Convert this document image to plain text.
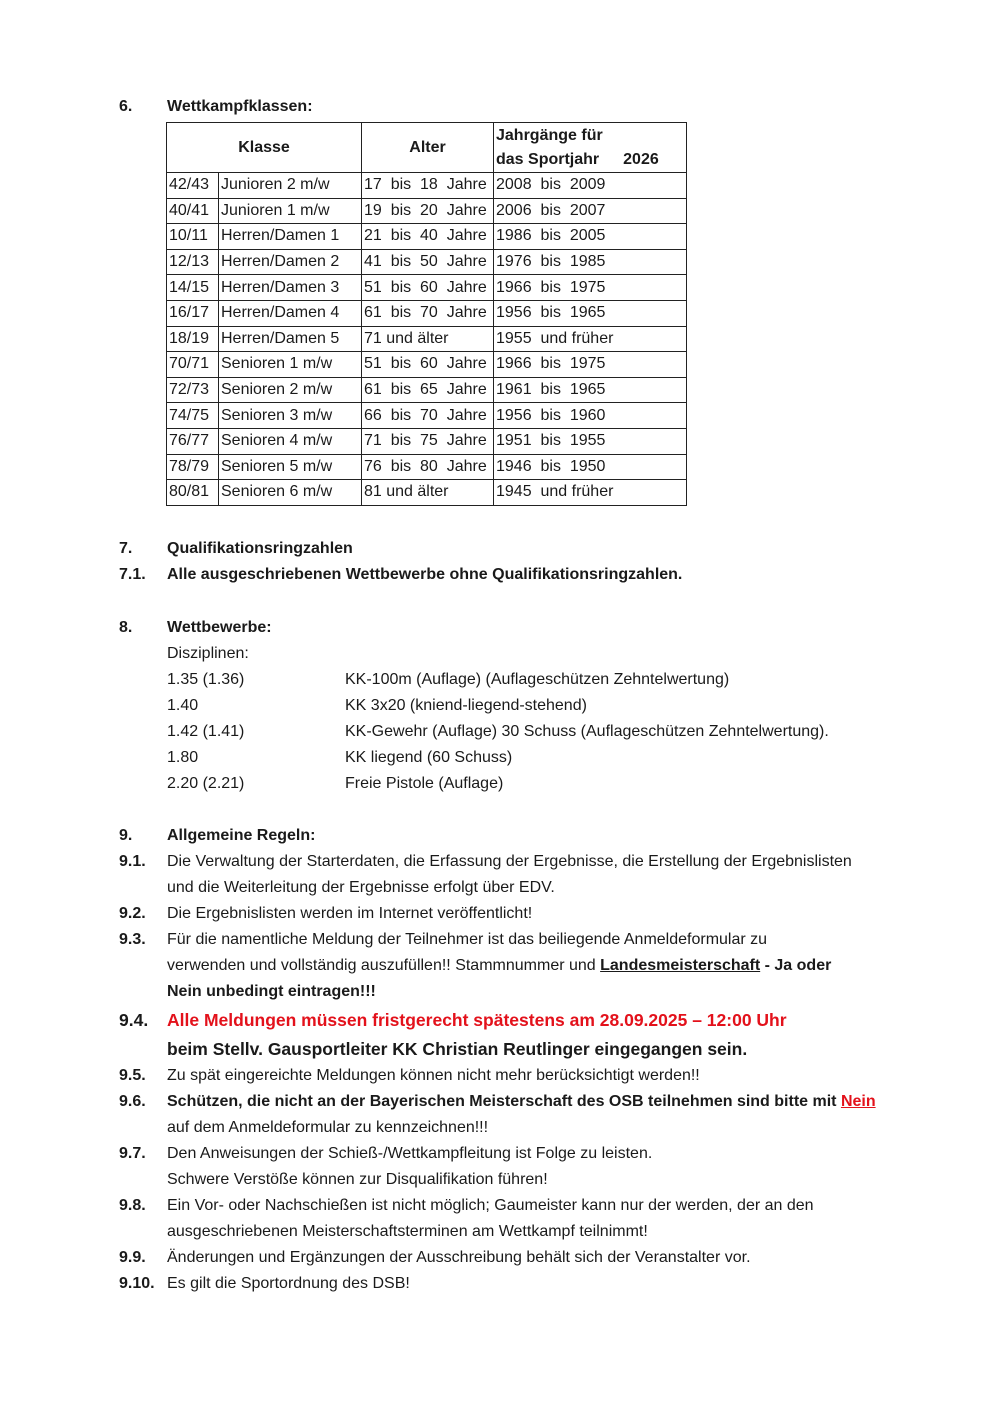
6. Wettkampfklassen:
Klasse		Alter	Jahrgänge für
das Sportjahr 2026

42/43	Junioren 2 m/w	17  bis  18  Jahre	2008  bis  2009
40/41	Junioren 1 m/w	19  bis  20  Jahre	2006  bis  2007
10/11	Herren/Damen 1	21  bis  40  Jahre	1986  bis  2005
12/13	Herren/Damen 2	41  bis  50  Jahre	1976  bis  1985
14/15	Herren/Damen 3	51  bis  60  Jahre	1966  bis  1975
16/17	Herren/Damen 4	61  bis  70  Jahre	1956  bis  1965
18/19	Herren/Damen 5	71 und älter	1955  und früher
70/71	Senioren 1 m/w	51  bis  60  Jahre	1966  bis  1975
72/73	Senioren 2 m/w	61  bis  65  Jahre	1961  bis  1965
74/75	Senioren 3 m/w	66  bis  70  Jahre	1956  bis  1960
76/77	Senioren 4 m/w	71  bis  75  Jahre	1951  bis  1955
78/79	Senioren 5 m/w	76  bis  80  Jahre	1946  bis  1950
80/81	Senioren 6 m/w	81 und älter	1945  und früher
7. Qualifikationsringzahlen
7.1. Alle ausgeschriebenen Wettbewerbe ohne Qualifikationsringzahlen.
8. Wettbewerbe:
Disziplinen:
1.35 (1.36)	KK-100m (Auflage) (Auflageschützen Zehntelwertung)
1.40	KK 3x20 (kniend-liegend-stehend)
1.42 (1.41)	KK-Gewehr (Auflage) 30 Schuss (Auflageschützen Zehntelwertung).
1.80	KK liegend (60 Schuss)
2.20 (2.21)	Freie Pistole (Auflage)
9. Allgemeine Regeln:
9.1. Die Verwaltung der Starterdaten, die Erfassung der Ergebnisse, die Erstellung der Ergebnislisten
und die Weiterleitung der Ergebnisse erfolgt über EDV.
9.2. Die Ergebnislisten werden im Internet veröffentlicht!
9.3. Für die namentliche Meldung der Teilnehmer ist das beiliegende Anmeldeformular zu
verwenden und vollständig auszufüllen!! Stammnummer und Landesmeisterschaft - Ja oder
Nein unbedingt eintragen!!!
9.4. Alle Meldungen müssen fristgerecht spätestens am 28.09.2025 – 12:00 Uhr
beim Stellv. Gausportleiter KK Christian Reutlinger eingegangen sein.
9.5. Zu spät eingereichte Meldungen können nicht mehr berücksichtigt werden!!
9.6. Schützen, die nicht an der Bayerischen Meisterschaft des OSB teilnehmen sind bitte mit Nein
auf dem Anmeldeformular zu kennzeichnen!!!
9.7. Den Anweisungen der Schieß-/Wettkampfleitung ist Folge zu leisten.
Schwere Verstöße können zur Disqualifikation führen!
9.8. Ein Vor- oder Nachschießen ist nicht möglich; Gaumeister kann nur der werden, der an den
ausgeschriebenen Meisterschaftsterminen am Wettkampf teilnimmt!
9.9. Änderungen und Ergänzungen der Ausschreibung behält sich der Veranstalter vor.
9.10. Es gilt die Sportordnung des DSB!
